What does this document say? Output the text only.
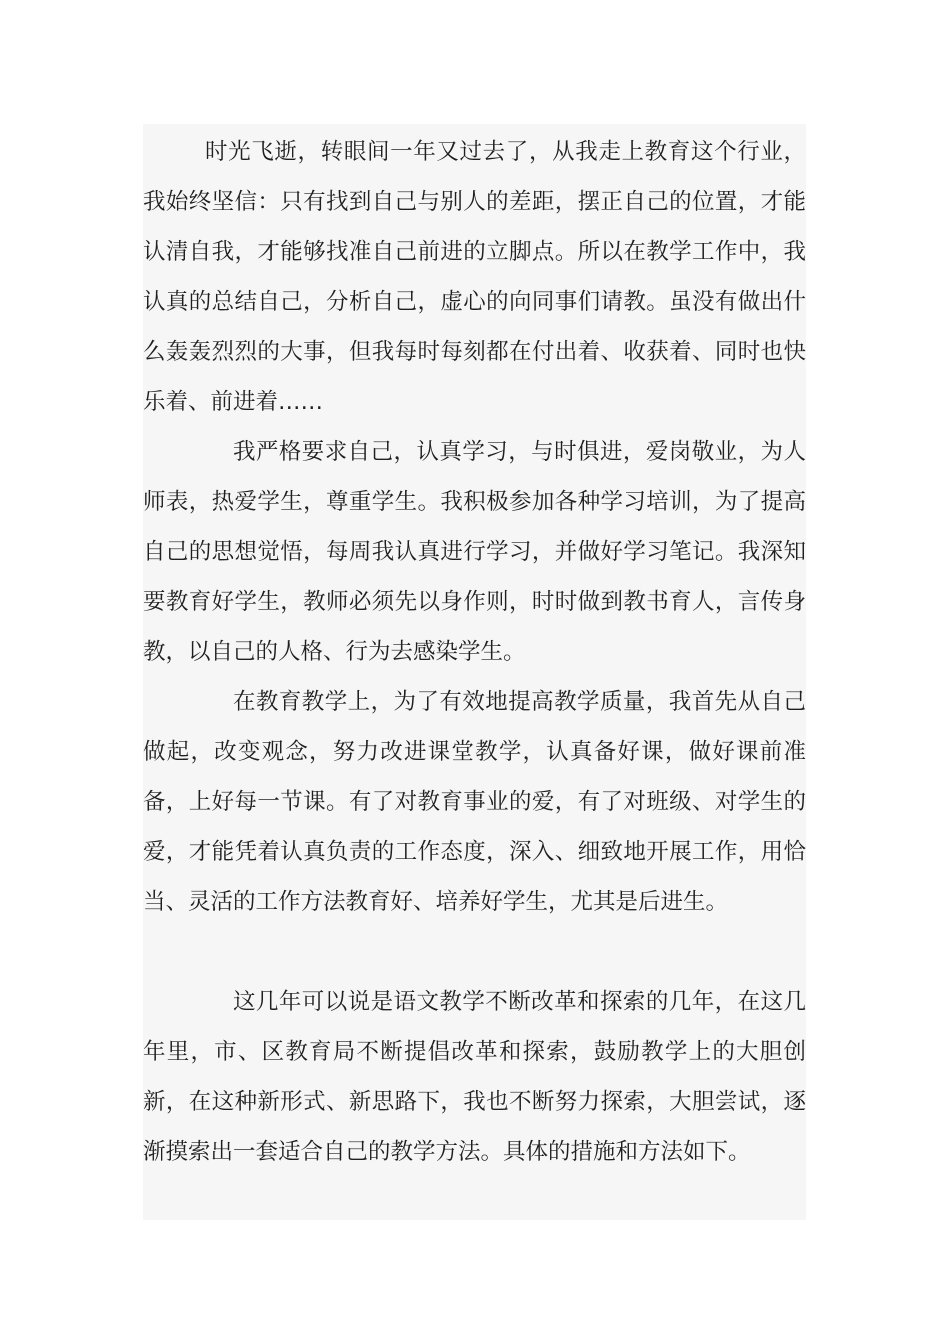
时光飞逝，转眼间一年又过去了，从我走上教育这个行业，我始终坚信：只有找到自己与别人的差距，摆正自己的位置，才能认清自我，才能够找准自己前进的立脚点。所以在教学工作中，我认真的总结自己，分析自己，虚心的向同事们请教。虽没有做出什么轰轰烈烈的大事，但我每时每刻都在付出着、收获着、同时也快乐着、前进着……

我严格要求自己，认真学习，与时俱进，爱岗敬业，为人师表，热爱学生，尊重学生。我积极参加各种学习培训，为了提高自己的思想觉悟，每周我认真进行学习，并做好学习笔记。我深知要教育好学生，教师必须先以身作则，时时做到教书育人，言传身教，以自己的人格、行为去感染学生。

在教育教学上，为了有效地提高教学质量，我首先从自己做起，改变观念，努力改进课堂教学，认真备好课，做好课前准备，上好每一节课。有了对教育事业的爱，有了对班级、对学生的爱，才能凭着认真负责的工作态度，深入、细致地开展工作，用恰当、灵活的工作方法教育好、培养好学生，尤其是后进生。

这几年可以说是语文教学不断改革和探索的几年，在这几年里，市、区教育局不断提倡改革和探索，鼓励教学上的大胆创新，在这种新形式、新思路下，我也不断努力探索，大胆尝试，逐渐摸索出一套适合自己的教学方法。具体的措施和方法如下。
